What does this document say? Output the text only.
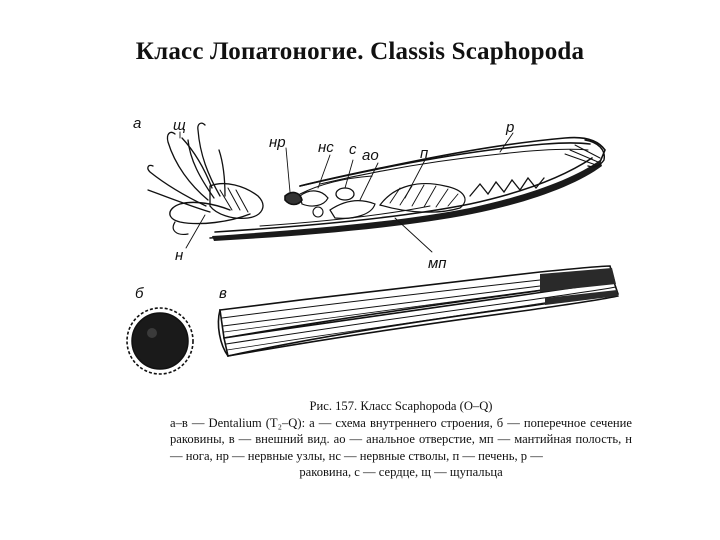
Класс Лопатоногие. Classis Scaphopoda
а щ	р
нр нс с ао	п
н	мп
б	в
Рис. 157. Класс Scaphopoda (O–Q)
а–в — Dentalium (T₂–Q): а — схема внутреннего строения, б — поперечное сечение раковины, в — внешний вид. ао — анальное отверстие, мп — мантийная полость, н — нога, нр — нервные узлы, нс — нервные стволы, п — печень, р —
раковина, с — сердце, щ — щупальца
